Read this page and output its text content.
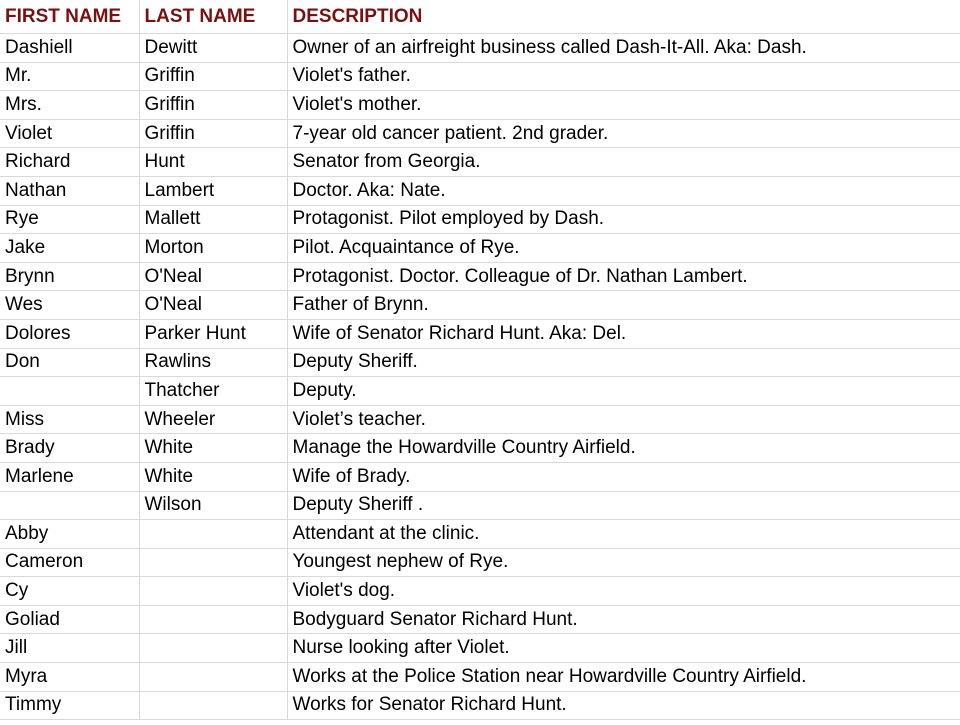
FIRST NAME	LAST NAME	DESCRIPTION
Dashiell	Dewitt	Owner of an airfreight business called Dash-It-All. Aka: Dash.
Mr.	Griffin	Violet's father.
Mrs.	Griffin	Violet's mother.
Violet	Griffin	7-year old cancer patient. 2nd grader.
Richard	Hunt	Senator from Georgia.
Nathan	Lambert	Doctor. Aka: Nate.
Rye	Mallett	Protagonist. Pilot employed by Dash.
Jake	Morton	Pilot. Acquaintance of Rye.
Brynn	O'Neal	Protagonist. Doctor. Colleague of Dr. Nathan Lambert.
Wes	O'Neal	Father of Brynn.
Dolores	Parker Hunt	Wife of Senator Richard Hunt. Aka: Del.
Don	Rawlins	Deputy Sheriff.
	Thatcher	Deputy.
Miss	Wheeler	Violet’s teacher.
Brady	White	Manage the Howardville Country Airfield.
Marlene	White	Wife of Brady.
	Wilson	Deputy Sheriff .
Abby		Attendant at the clinic.
Cameron		Youngest nephew of Rye.
Cy		Violet's dog.
Goliad		Bodyguard Senator Richard Hunt.
Jill		Nurse looking after Violet.
Myra		Works at the Police Station near Howardville Country Airfield.
Timmy		Works for Senator Richard Hunt.
